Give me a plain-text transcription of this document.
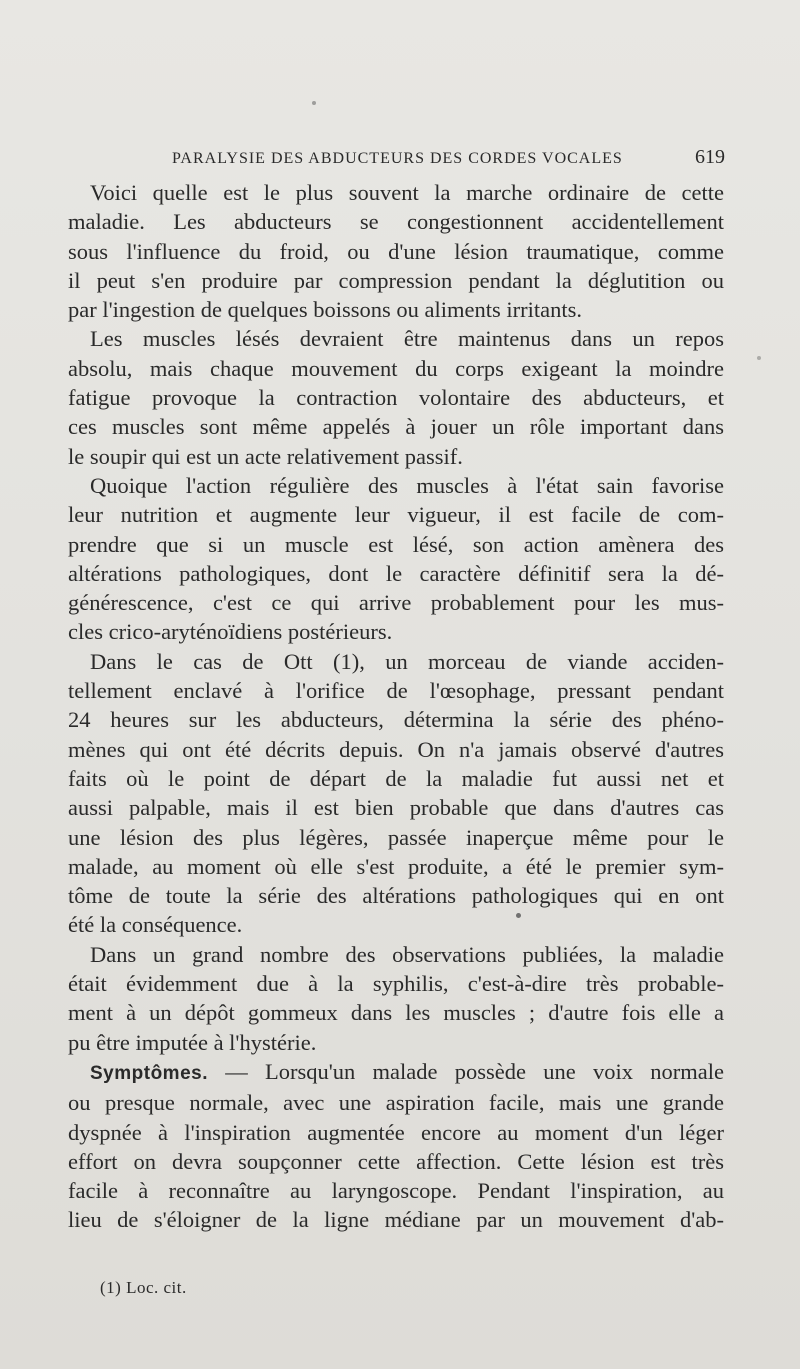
PARALYSIE DES ABDUCTEURS DES CORDES VOCALES	619

Voici quelle est le plus souvent la marche ordinaire de cette
maladie. Les abducteurs se congestionnent accidentellement
sous l'influence du froid, ou d'une lésion traumatique, comme
il peut s'en produire par compression pendant la déglutition ou
par l'ingestion de quelques boissons ou aliments irritants.

Les muscles lésés devraient être maintenus dans un repos
absolu, mais chaque mouvement du corps exigeant la moindre
fatigue provoque la contraction volontaire des abducteurs, et
ces muscles sont même appelés à jouer un rôle important dans
le soupir qui est un acte relativement passif.

Quoique l'action régulière des muscles à l'état sain favorise
leur nutrition et augmente leur vigueur, il est facile de com-
prendre que si un muscle est lésé, son action amènera des
altérations pathologiques, dont le caractère définitif sera la dé-
générescence, c'est ce qui arrive probablement pour les mus-
cles crico-aryténoïdiens postérieurs.

Dans le cas de Ott (1), un morceau de viande acciden-
tellement enclavé à l'orifice de l'œsophage, pressant pendant
24 heures sur les abducteurs, détermina la série des phéno-
mènes qui ont été décrits depuis. On n'a jamais observé d'autres
faits où le point de départ de la maladie fut aussi net et
aussi palpable, mais il est bien probable que dans d'autres cas
une lésion des plus légères, passée inaperçue même pour le
malade, au moment où elle s'est produite, a été le premier sym-
tôme de toute la série des altérations pathologiques qui en ont
été la conséquence.

Dans un grand nombre des observations publiées, la maladie
était évidemment due à la syphilis, c'est-à-dire très probable-
ment à un dépôt gommeux dans les muscles ; d'autre fois elle a
pu être imputée à l'hystérie.

Symptômes. — Lorsqu'un malade possède une voix normale
ou presque normale, avec une aspiration facile, mais une grande
dyspnée à l'inspiration augmentée encore au moment d'un léger
effort on devra soupçonner cette affection. Cette lésion est très
facile à reconnaître au laryngoscope. Pendant l'inspiration, au
lieu de s'éloigner de la ligne médiane par un mouvement d'ab-

(1) Loc. cit.
